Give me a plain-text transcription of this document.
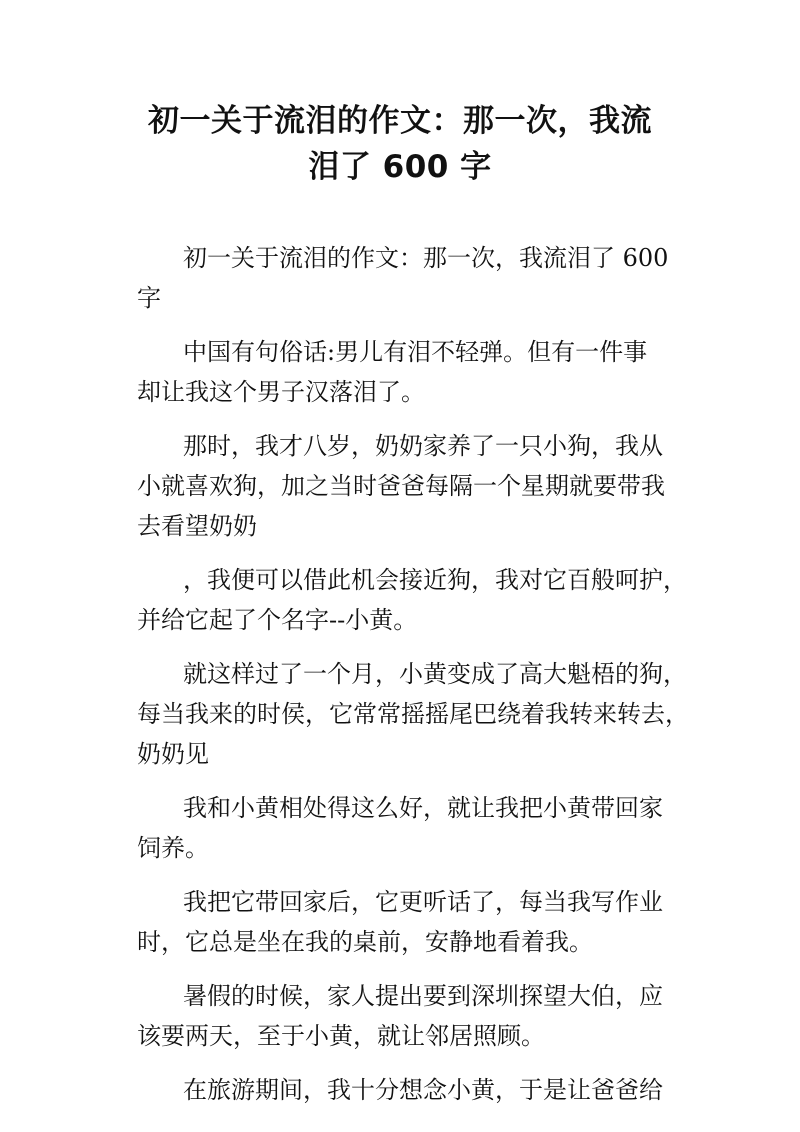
初一关于流泪的作文：那一次，我流
泪了 600 字

初一关于流泪的作文：那一次，我流泪了 600
字

中国有句俗话:男儿有泪不轻弹。但有一件事
却让我这个男子汉落泪了。

那时，我才八岁，奶奶家养了一只小狗，我从
小就喜欢狗，加之当时爸爸每隔一个星期就要带我
去看望奶奶

，我便可以借此机会接近狗，我对它百般呵护，
并给它起了个名字--小黄。

就这样过了一个月，小黄变成了高大魁梧的狗，
每当我来的时侯，它常常摇摇尾巴绕着我转来转去，
奶奶见

我和小黄相处得这么好，就让我把小黄带回家
饲养。

我把它带回家后，它更听话了，每当我写作业
时，它总是坐在我的桌前，安静地看着我。

暑假的时候，家人提出要到深圳探望大伯，应
该要两天，至于小黄，就让邻居照顾。

在旅游期间，我十分想念小黄，于是让爸爸给
